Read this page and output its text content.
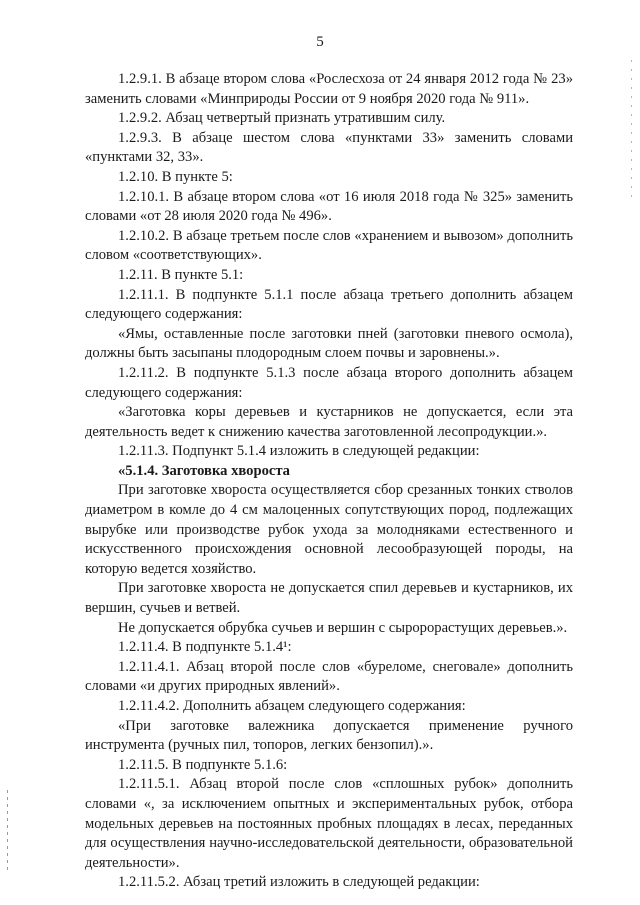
5

1.2.9.1. В абзаце втором слова «Рослесхоза от 24 января 2012 года № 23» заменить словами «Минприроды России от 9 ноября 2020 года № 911».

1.2.9.2. Абзац четвертый признать утратившим силу.

1.2.9.3. В абзаце шестом слова «пунктами 33» заменить словами «пунктами 32, 33».

1.2.10. В пункте 5:

1.2.10.1. В абзаце втором слова «от 16 июля 2018 года № 325» заменить словами «от 28 июля 2020 года № 496».

1.2.10.2. В абзаце третьем после слов «хранением и вывозом» дополнить словом «соответствующих».

1.2.11. В пункте 5.1:

1.2.11.1. В подпункте 5.1.1 после абзаца третьего дополнить абзацем следующего содержания:

«Ямы, оставленные после заготовки пней (заготовки пневого осмола), должны быть засыпаны плодородным слоем почвы и заровнены.».

1.2.11.2. В подпункте 5.1.3 после абзаца второго дополнить абзацем следующего содержания:

«Заготовка коры деревьев и кустарников не допускается, если эта деятельность ведет к снижению качества заготовленной лесопродукции.».

1.2.11.3. Подпункт 5.1.4 изложить в следующей редакции:

«5.1.4. Заготовка хвороста

При заготовке хвороста осуществляется сбор срезанных тонких стволов диаметром в комле до 4 см малоценных сопутствующих пород, подлежащих вырубке или производстве рубок ухода за молодняками естественного и искусственного происхождения основной лесообразующей породы, на которую ведется хозяйство.

При заготовке хвороста не допускается спил деревьев и кустарников, их вершин, сучьев и ветвей.

Не допускается обрубка сучьев и вершин с сыророрастущих деревьев.».

1.2.11.4. В подпункте 5.1.4¹:

1.2.11.4.1. Абзац второй после слов «буреломе, снеговале» дополнить словами «и других природных явлений».

1.2.11.4.2. Дополнить абзацем следующего содержания:

«При заготовке валежника допускается применение ручного инструмента (ручных пил, топоров, легких бензопил).».

1.2.11.5. В подпункте 5.1.6:

1.2.11.5.1. Абзац второй после слов «сплошных рубок» дополнить словами «, за исключением опытных и экспериментальных рубок, отбора модельных деревьев на постоянных пробных площадях в лесах, переданных для осуществления научно-исследовательской деятельности, образовательной деятельности».

1.2.11.5.2. Абзац третий изложить в следующей редакции:
